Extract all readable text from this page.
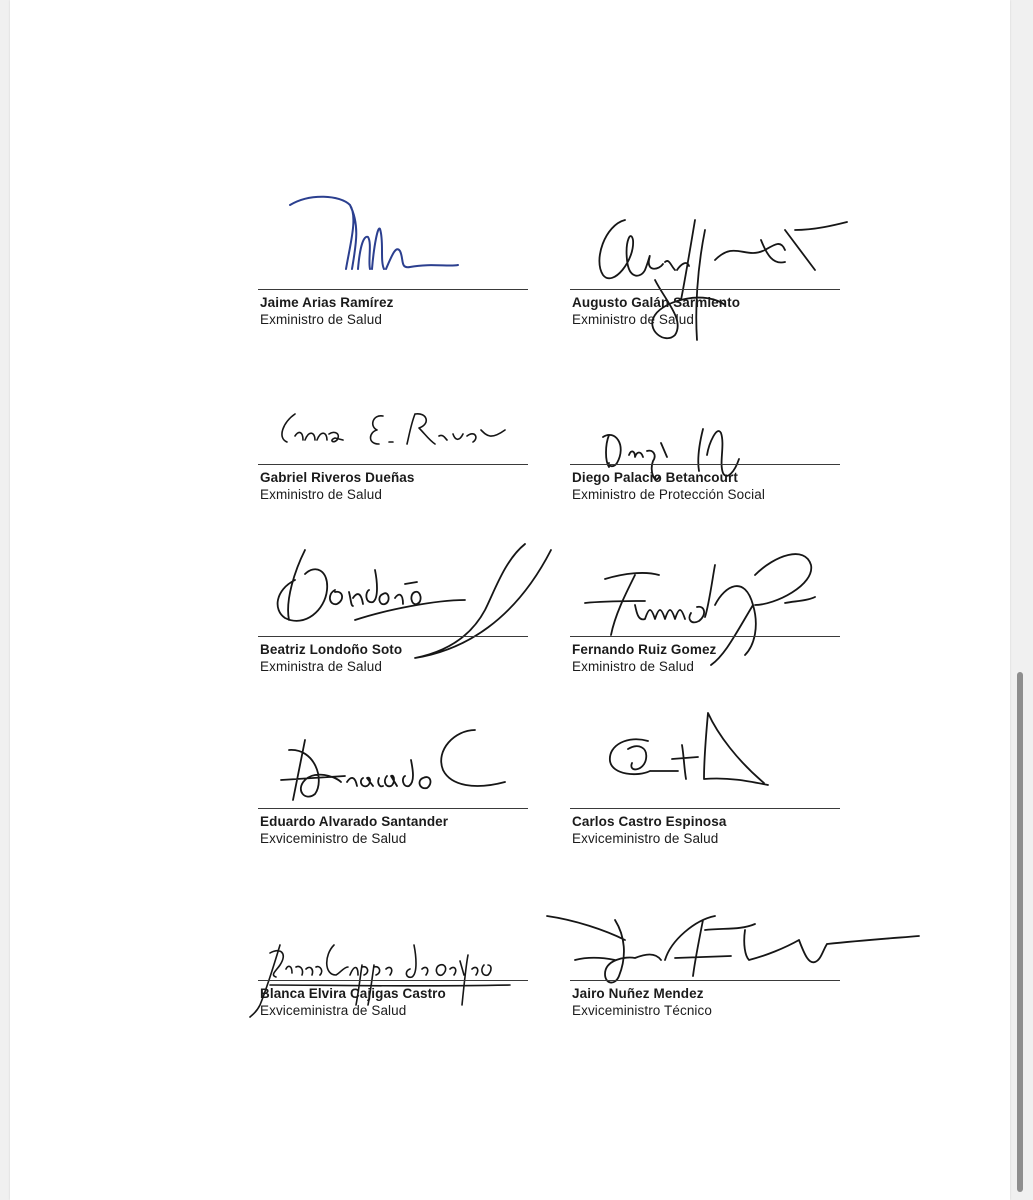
Jaime Arias Ramírez
Exministro de Salud
Augusto Galán Sarmiento
Exministro de Salud
Gabriel Riveros Dueñas
Exministro de Salud
Diego Palacio Betancourt
Exministro de Protección Social
Beatriz Londoño Soto
Exministra de Salud
Fernando Ruiz Gomez
Exministro de Salud
Eduardo Alvarado Santander
Exviceministro de Salud
Carlos Castro Espinosa
Exviceministro de Salud
Blanca Elvira Cajigas Castro
Exviceministra de Salud
Jairo Nuñez Mendez
Exviceministro Técnico
